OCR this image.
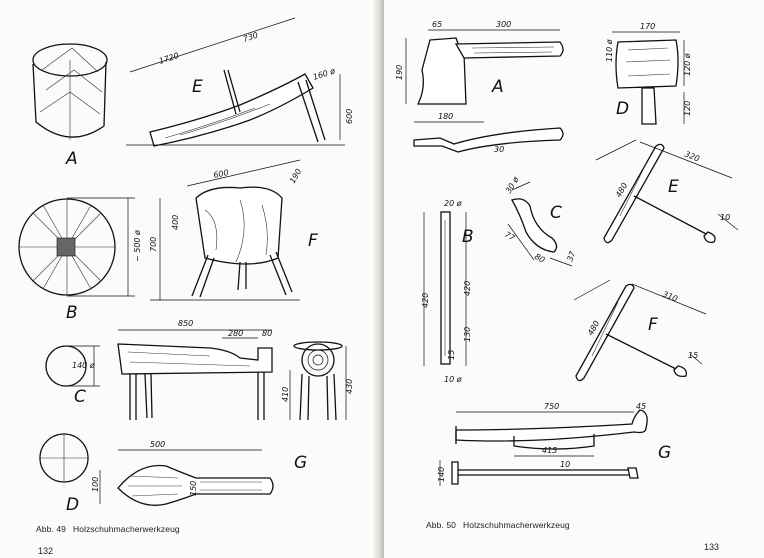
A
1720
730
160 ø
600
E
~ 500 ø
B
600	190
400
700	F
140 ø
C
850
280 80
410
430
G
500
100	150
D
Abb. 49 Holzschuhmacherwerkzeug
132
65	300
190
A
180
30
170
110 ø
120 ø
120
D
20 ø
420
420
130
15
10 ø
B
30 ø
77
80 37
C
320
480
10
E
310
480
15
F
750	45
415
140
10
G
Abb. 50 Holzschuhmacherwerkzeug
133
